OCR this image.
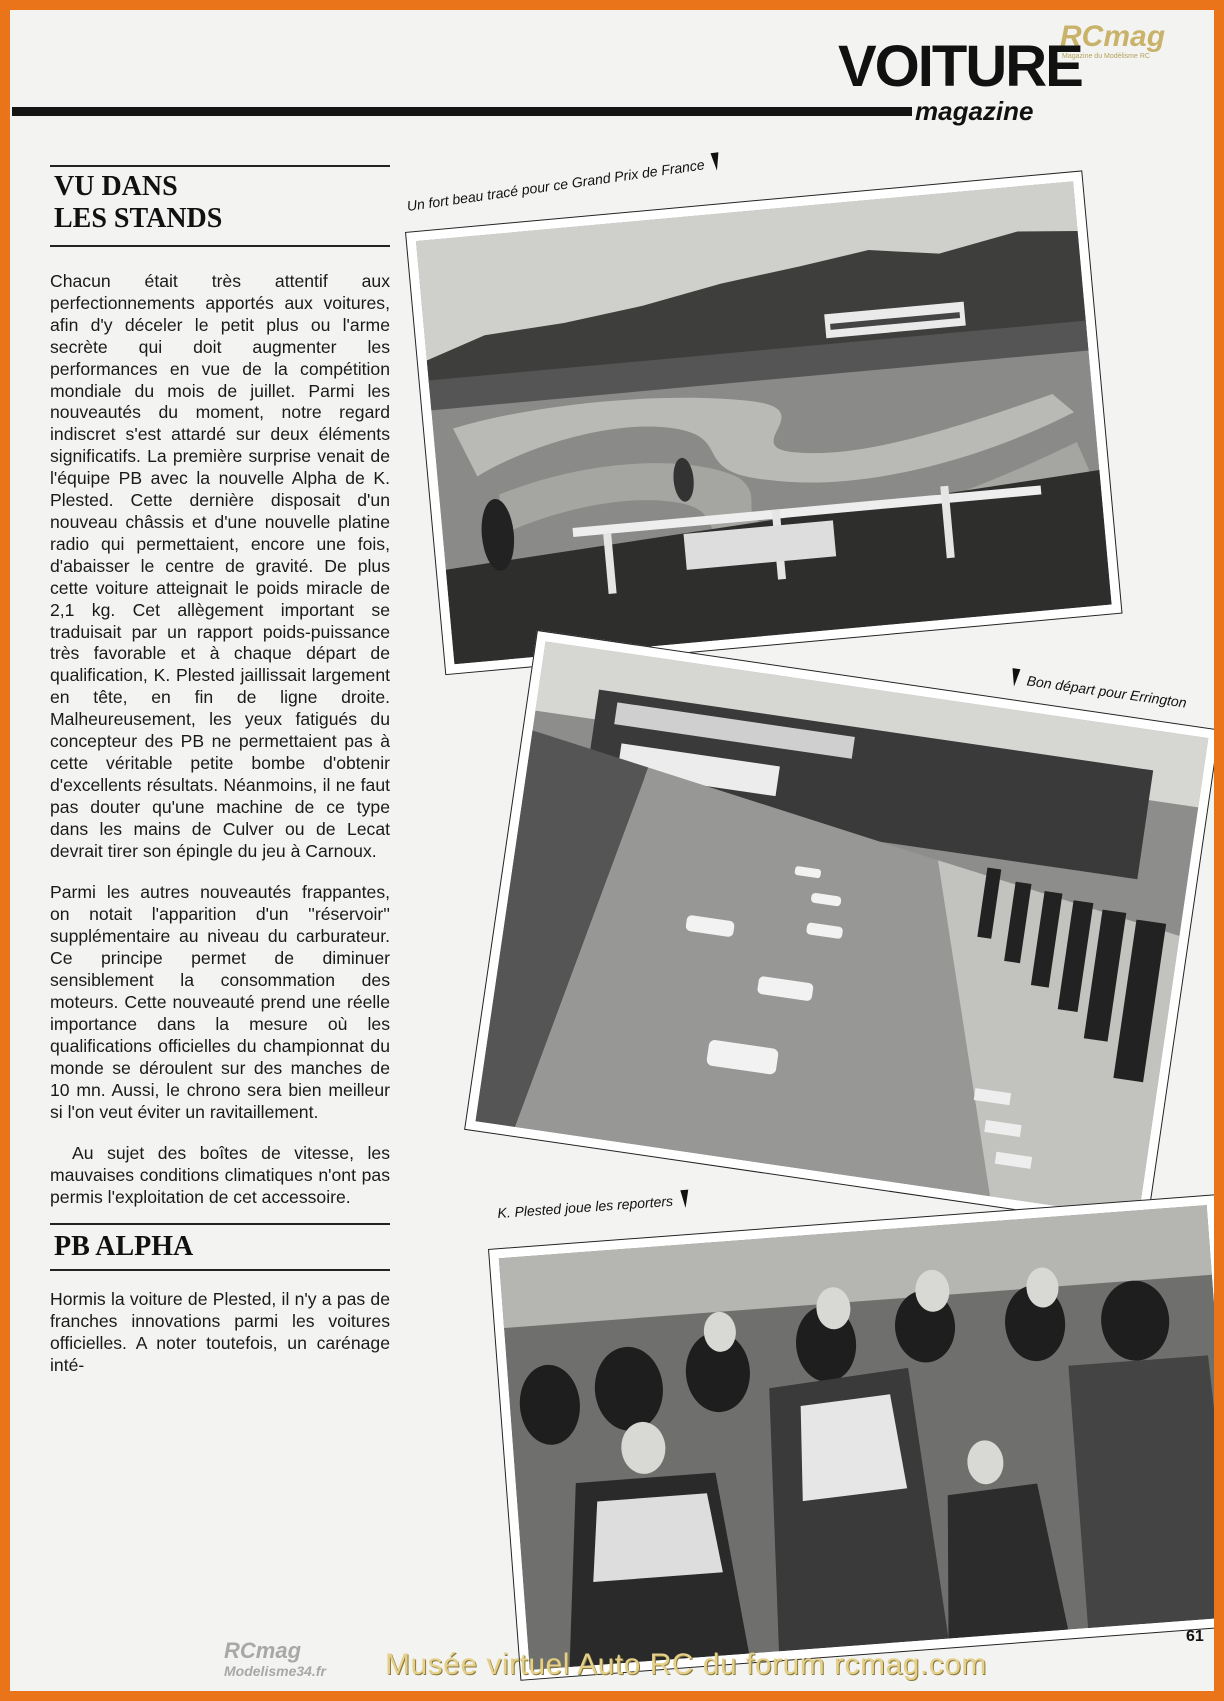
RCmag
Magazine du Modélisme RC
VOITURE
magazine
VU DANS
LES STANDS

Chacun était très attentif aux perfectionnements apportés aux voitures, afin d'y déceler le petit plus ou l'arme secrète qui doit augmenter les performances en vue de la compétition mondiale du mois de juillet. Parmi les nouveautés du moment, notre regard indiscret s'est attardé sur deux éléments significatifs. La première surprise venait de l'équipe PB avec la nouvelle Alpha de K. Plested. Cette dernière disposait d'un nouveau châssis et d'une nouvelle platine radio qui permettaient, encore une fois, d'abaisser le centre de gravité. De plus cette voiture atteignait le poids miracle de 2,1 kg. Cet allègement important se traduisait par un rapport poids-puissance très favorable et à chaque départ de qualification, K. Plested jaillissait largement en tête, en fin de ligne droite. Malheureusement, les yeux fatigués du concepteur des PB ne permettaient pas à cette véritable petite bombe d'obtenir d'excellents résultats. Néanmoins, il ne faut pas douter qu'une machine de ce type dans les mains de Culver ou de Lecat devrait tirer son épingle du jeu à Carnoux.

Parmi les autres nouveautés frappantes, on notait l'apparition d'un ''réservoir'' supplémentaire au niveau du carburateur. Ce principe permet de diminuer sensiblement la consommation des moteurs. Cette nouveauté prend une réelle importance dans la mesure où les qualifications officielles du championnat du monde se déroulent sur des manches de 10 mn. Aussi, le chrono sera bien meilleur si l'on veut éviter un ravitaillement.

Au sujet des boîtes de vitesse, les mauvaises conditions climatiques n'ont pas permis l'exploitation de cet accessoire.

PB ALPHA

Hormis la voiture de Plested, il n'y a pas de franches innovations parmi les voitures officielles. A noter toutefois, un carénage inté-

Un fort beau tracé pour ce Grand Prix de France
Bon départ pour Errington
K. Plested joue les reporters
61
RCmag
Modelisme34.fr Musée virtuel Auto RC du forum rcmag.com
